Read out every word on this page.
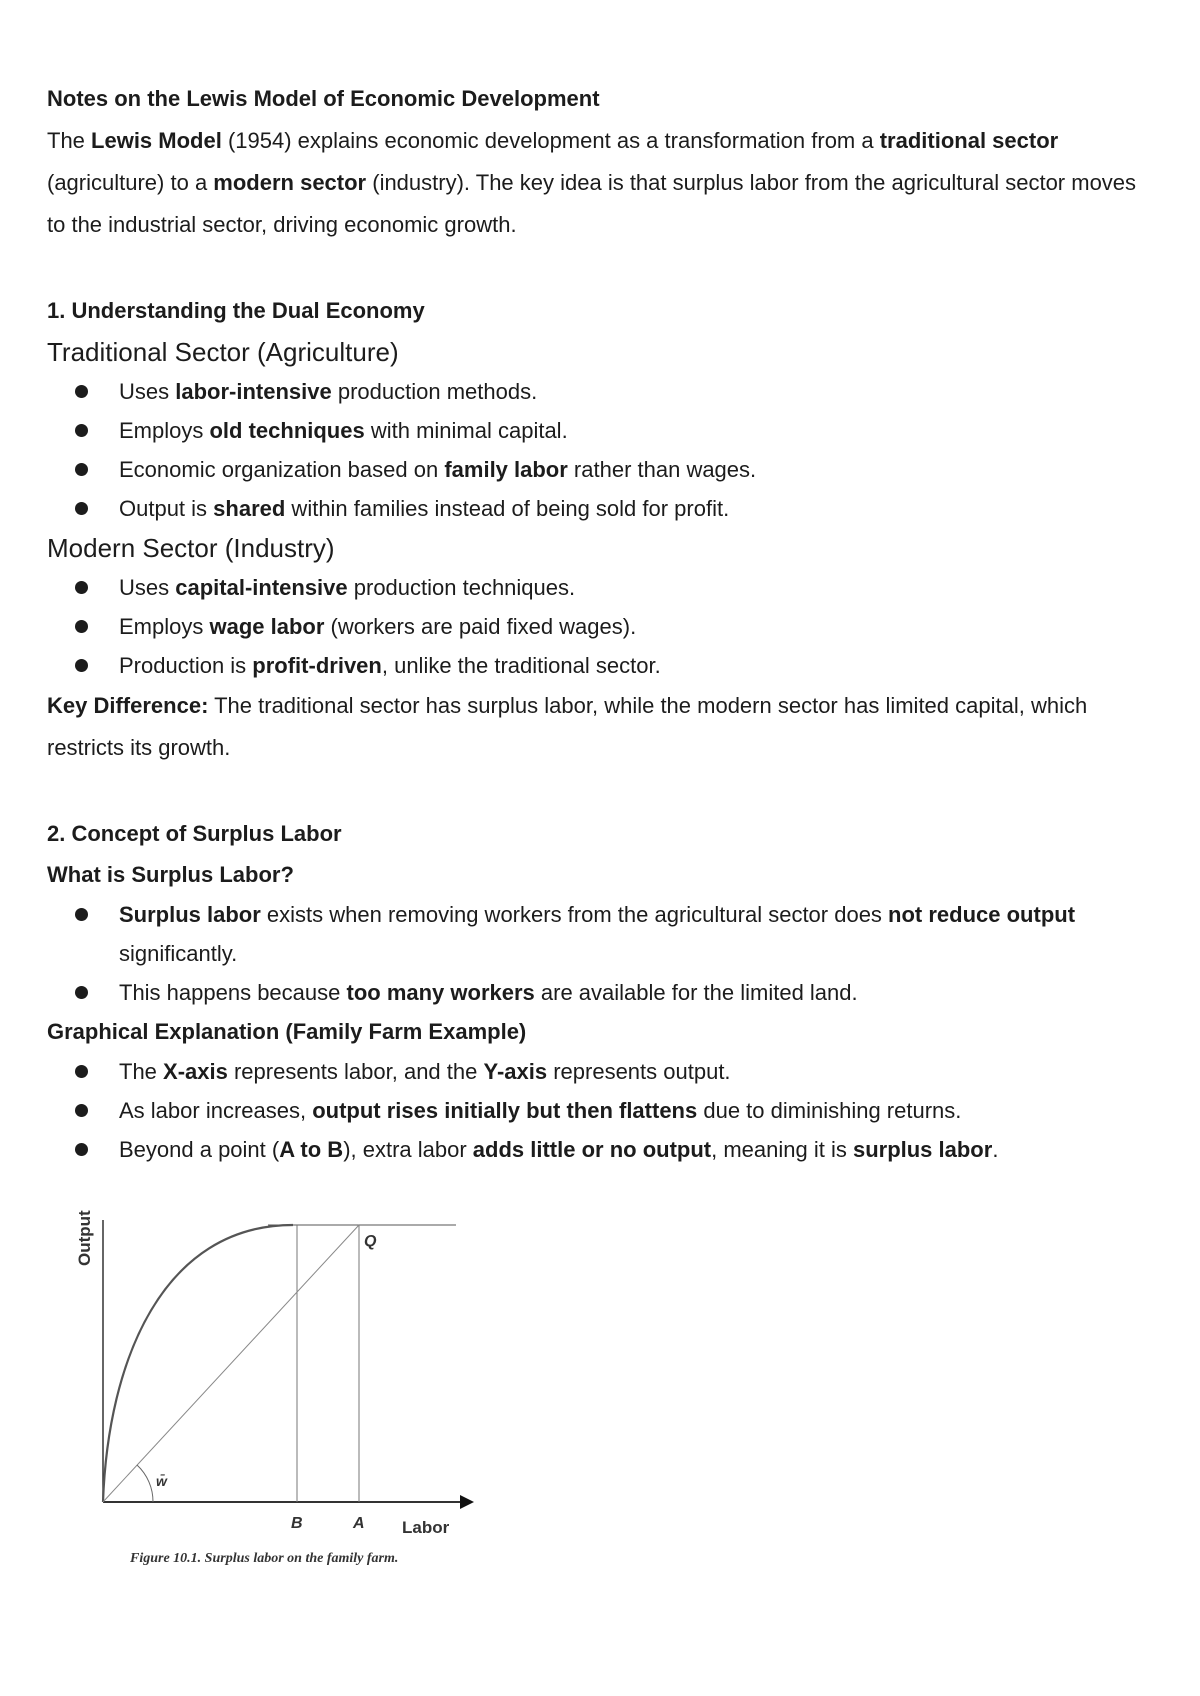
Notes on the Lewis Model of Economic Development

The Lewis Model (1954) explains economic development as a transformation from a traditional sector (agriculture) to a modern sector (industry). The key idea is that surplus labor from the agricultural sector moves to the industrial sector, driving economic growth.

1. Understanding the Dual Economy

Traditional Sector (Agriculture)

Uses labor-intensive production methods.
Employs old techniques with minimal capital.
Economic organization based on family labor rather than wages.
Output is shared within families instead of being sold for profit.

Modern Sector (Industry)

Uses capital-intensive production techniques.
Employs wage labor (workers are paid fixed wages).
Production is profit-driven, unlike the traditional sector.

Key Difference: The traditional sector has surplus labor, while the modern sector has limited capital, which restricts its growth.

2. Concept of Surplus Labor

What is Surplus Labor?

Surplus labor exists when removing workers from the agricultural sector does not reduce output significantly.
This happens because too many workers are available for the limited land.

Graphical Explanation (Family Farm Example)

The X-axis represents labor, and the Y-axis represents output.
As labor increases, output rises initially but then flattens due to diminishing returns.
Beyond a point (A to B), extra labor adds little or no output, meaning it is surplus labor.
w̄
Q
B	A Labor
Output
Figure 10.1. Surplus labor on the family farm.
